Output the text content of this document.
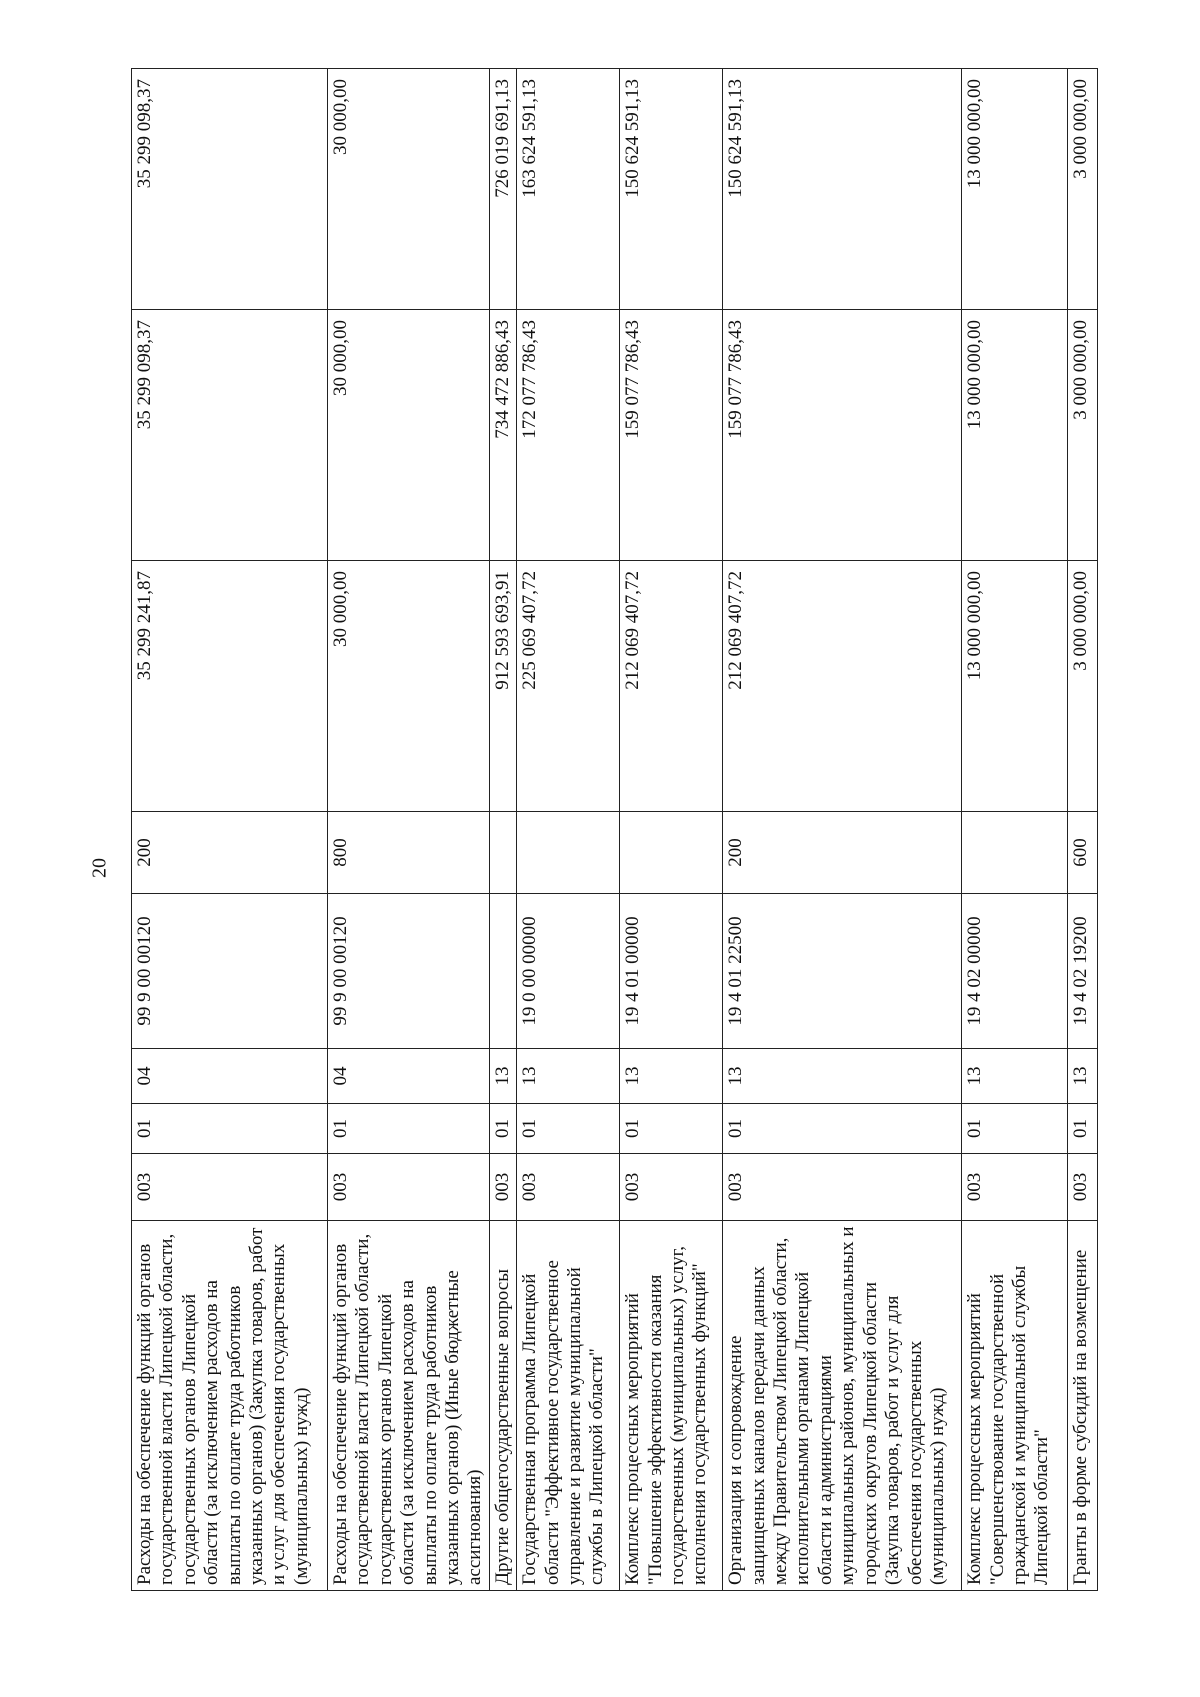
20
Расходы на обеспечение функций органов государственной власти Липецкой области, государственных органов Липецкой области (за исключением расходов на выплаты по оплате труда работников указанных органов) (Закупка товаров, работ и услуг для обеспечения государственных (муниципальных) нужд)	003	01	04	99 9 00 00120	200	35 299 241,87	35 299 098,37	35 299 098,37
Расходы на обеспечение функций органов государственной власти Липецкой области, государственных органов Липецкой области (за исключением расходов на выплаты по оплате труда работников указанных органов) (Иные бюджетные ассигнования)	003	01	04	99 9 00 00120	800	30 000,00	30 000,00	30 000,00
Другие общегосударственные вопросы	003	01	13			912 593 693,91	734 472 886,43	726 019 691,13
Государственная программа Липецкой области "Эффективное государственное управление и развитие муниципальной службы в Липецкой области"	003	01	13	19 0 00 00000		225 069 407,72	172 077 786,43	163 624 591,13
Комплекс процессных мероприятий "Повышение эффективности оказания государственных (муниципальных) услуг, исполнения государственных функций"	003	01	13	19 4 01 00000		212 069 407,72	159 077 786,43	150 624 591,13
Организация и сопровождение защищенных каналов передачи данных между Правительством Липецкой области, исполнительными органами Липецкой области и администрациями муниципальных районов, муниципальных и городских округов Липецкой области (Закупка товаров, работ и услуг для обеспечения государственных (муниципальных) нужд)	003	01	13	19 4 01 22500	200	212 069 407,72	159 077 786,43	150 624 591,13
Комплекс процессных мероприятий "Совершенствование государственной гражданской и муниципальной службы Липецкой области"	003	01	13	19 4 02 00000		13 000 000,00	13 000 000,00	13 000 000,00
Гранты в форме субсидий на возмещение	003	01	13	19 4 02 19200	600	3 000 000,00	3 000 000,00	3 000 000,00
